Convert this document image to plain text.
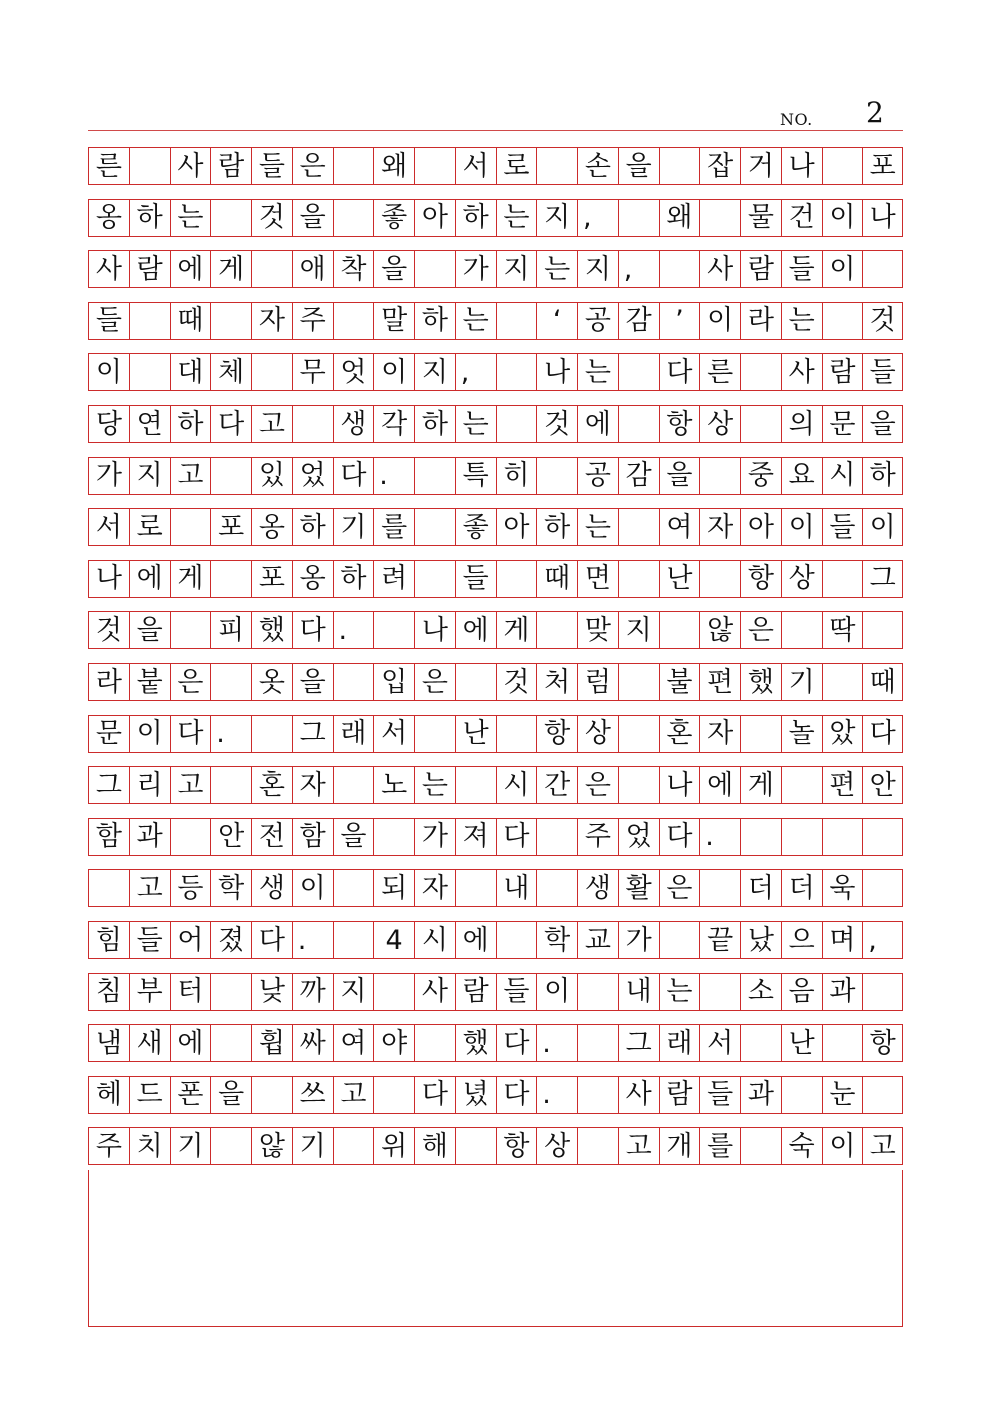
NO. 2
른 사 람 들 은 왜 서 로 손 을 잡 거 나 포
옹 하 는 것 을 좋 아 하 는 지 ,	왜 물 건 이 나
사 람 에 게 애 착 을 가 지 는 지 ,	사 람 들 이
들 때 자 주 말 하 는	‘ 공 감 ’ 이 라 는 것
이 대 체 무 엇 이 지 ,	나 는 다 른 사 람 들
당 연 하 다 고 생 각 하 는 것 에 항 상 의 문 을
가 지 고 있 었 다 .	특 히 공 감 을 중 요 시 하
서 로 포 옹 하 기 를 좋 아 하 는 여 자 아 이 들 이
나 에 게 포 옹 하 려 들 때 면 난 항 상 그
것 을 피 했 다 .	나 에 게 맞 지 않 은 딱
라 붙 은 옷 을 입 은 것 처 럼 불 편 했 기 때
문 이 다 .	그 래 서 난 항 상 혼 자 놀 았 다
그 리 고 혼 자 노 는 시 간 은 나 에 게 편 안
함 과 안 전 함 을 가 져 다 주 었 다 .
고 등 학 생 이 되 자 내 생 활 은 더 더 욱
힘 들 어 졌 다 .	4 시 에 학 교 가 끝 났 으 며 ,
침 부 터 낮 까 지 사 람 들 이 내 는 소 음 과
냄 새 에 휩 싸 여 야 했 다 .	그 래 서 난 항
헤 드 폰 을 쓰 고 다 녔 다 .	사 람 들 과 눈
주 치 기 않 기 위 해 항 상 고 개 를 숙 이 고
